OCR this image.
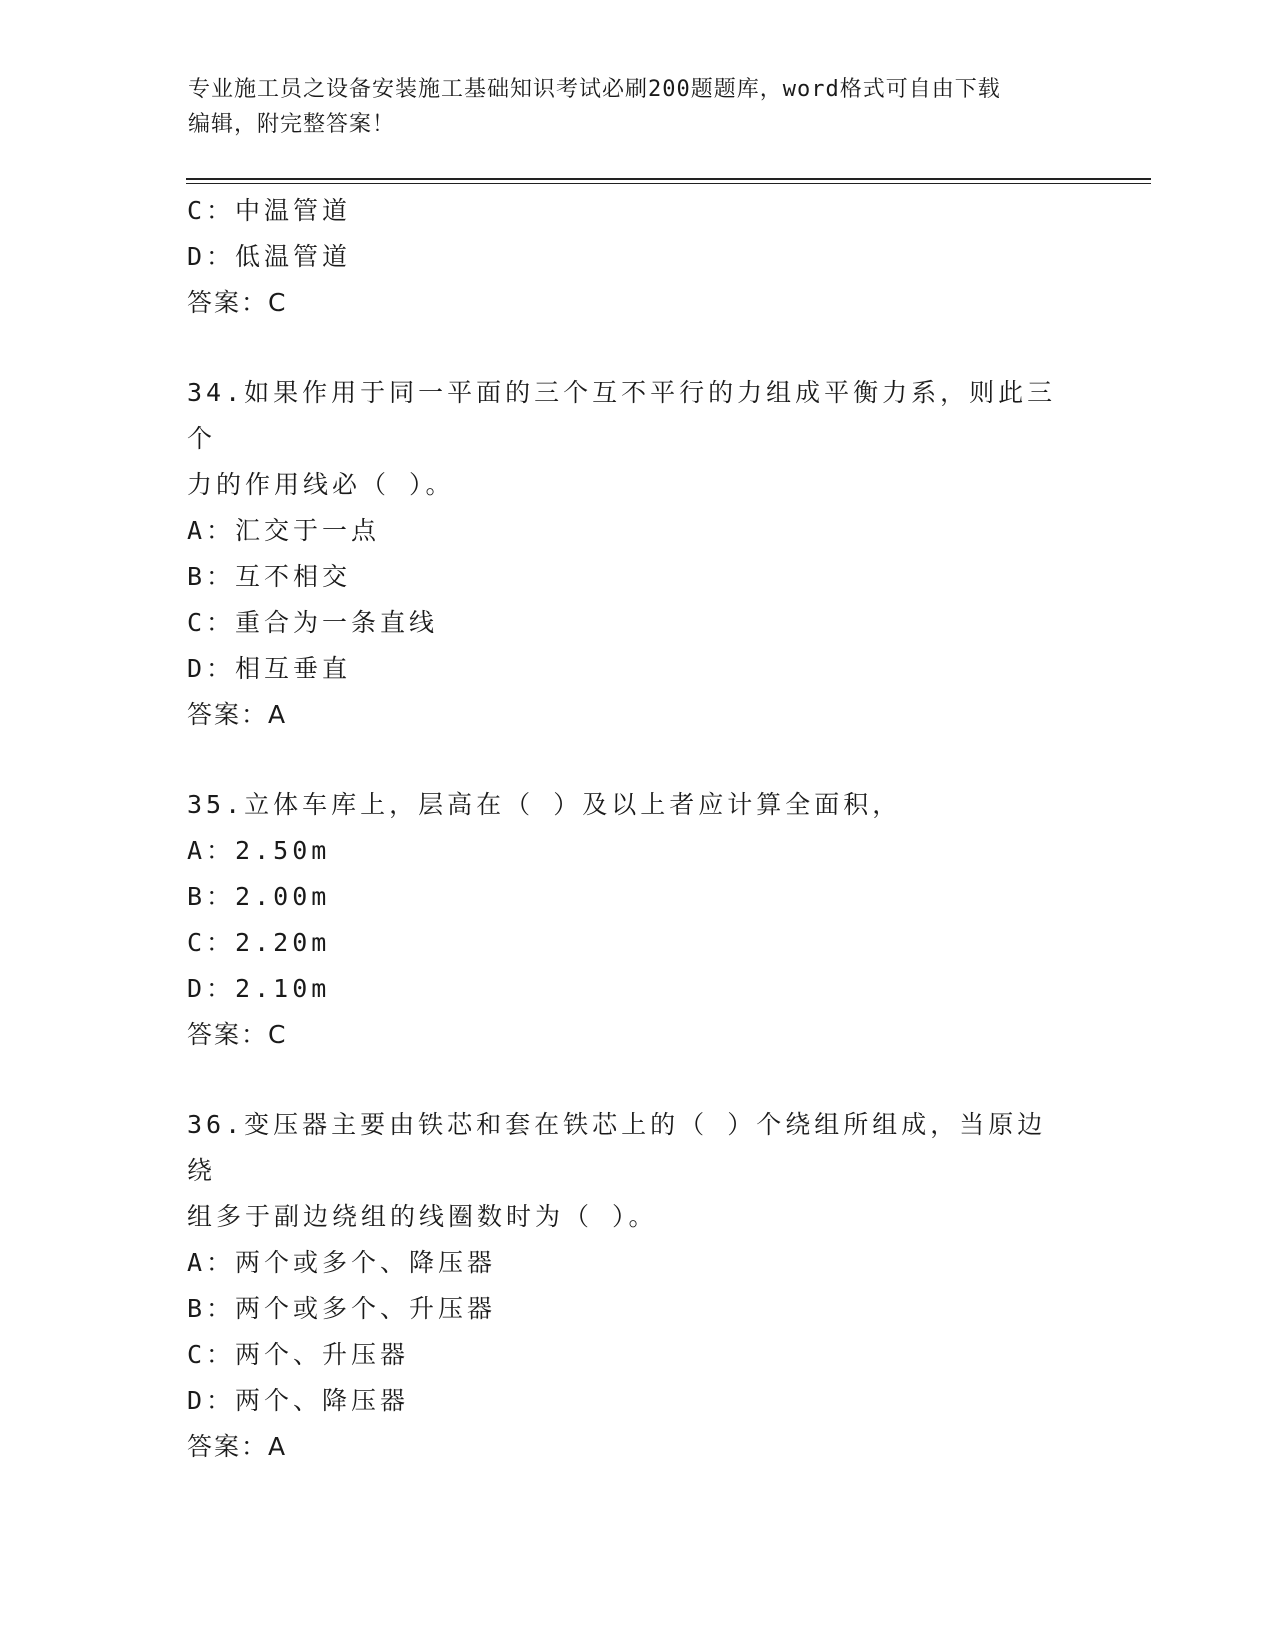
专业施工员之设备安装施工基础知识考试必刷200题题库，word格式可自由下载
编辑，附完整答案！
C：中温管道
D：低温管道
答案：C
34.如果作用于同一平面的三个互不平行的力组成平衡力系，则此三个
力的作用线必（ ）。
A：汇交于一点
B：互不相交
C：重合为一条直线
D：相互垂直
答案：A
35.立体车库上，层高在（ ）及以上者应计算全面积，
A：2.50m
B：2.00m
C：2.20m
D：2.10m
答案：C
36.变压器主要由铁芯和套在铁芯上的（ ）个绕组所组成，当原边绕
组多于副边绕组的线圈数时为（ ）。
A：两个或多个、降压器
B：两个或多个、升压器
C：两个、升压器
D：两个、降压器
答案：A
